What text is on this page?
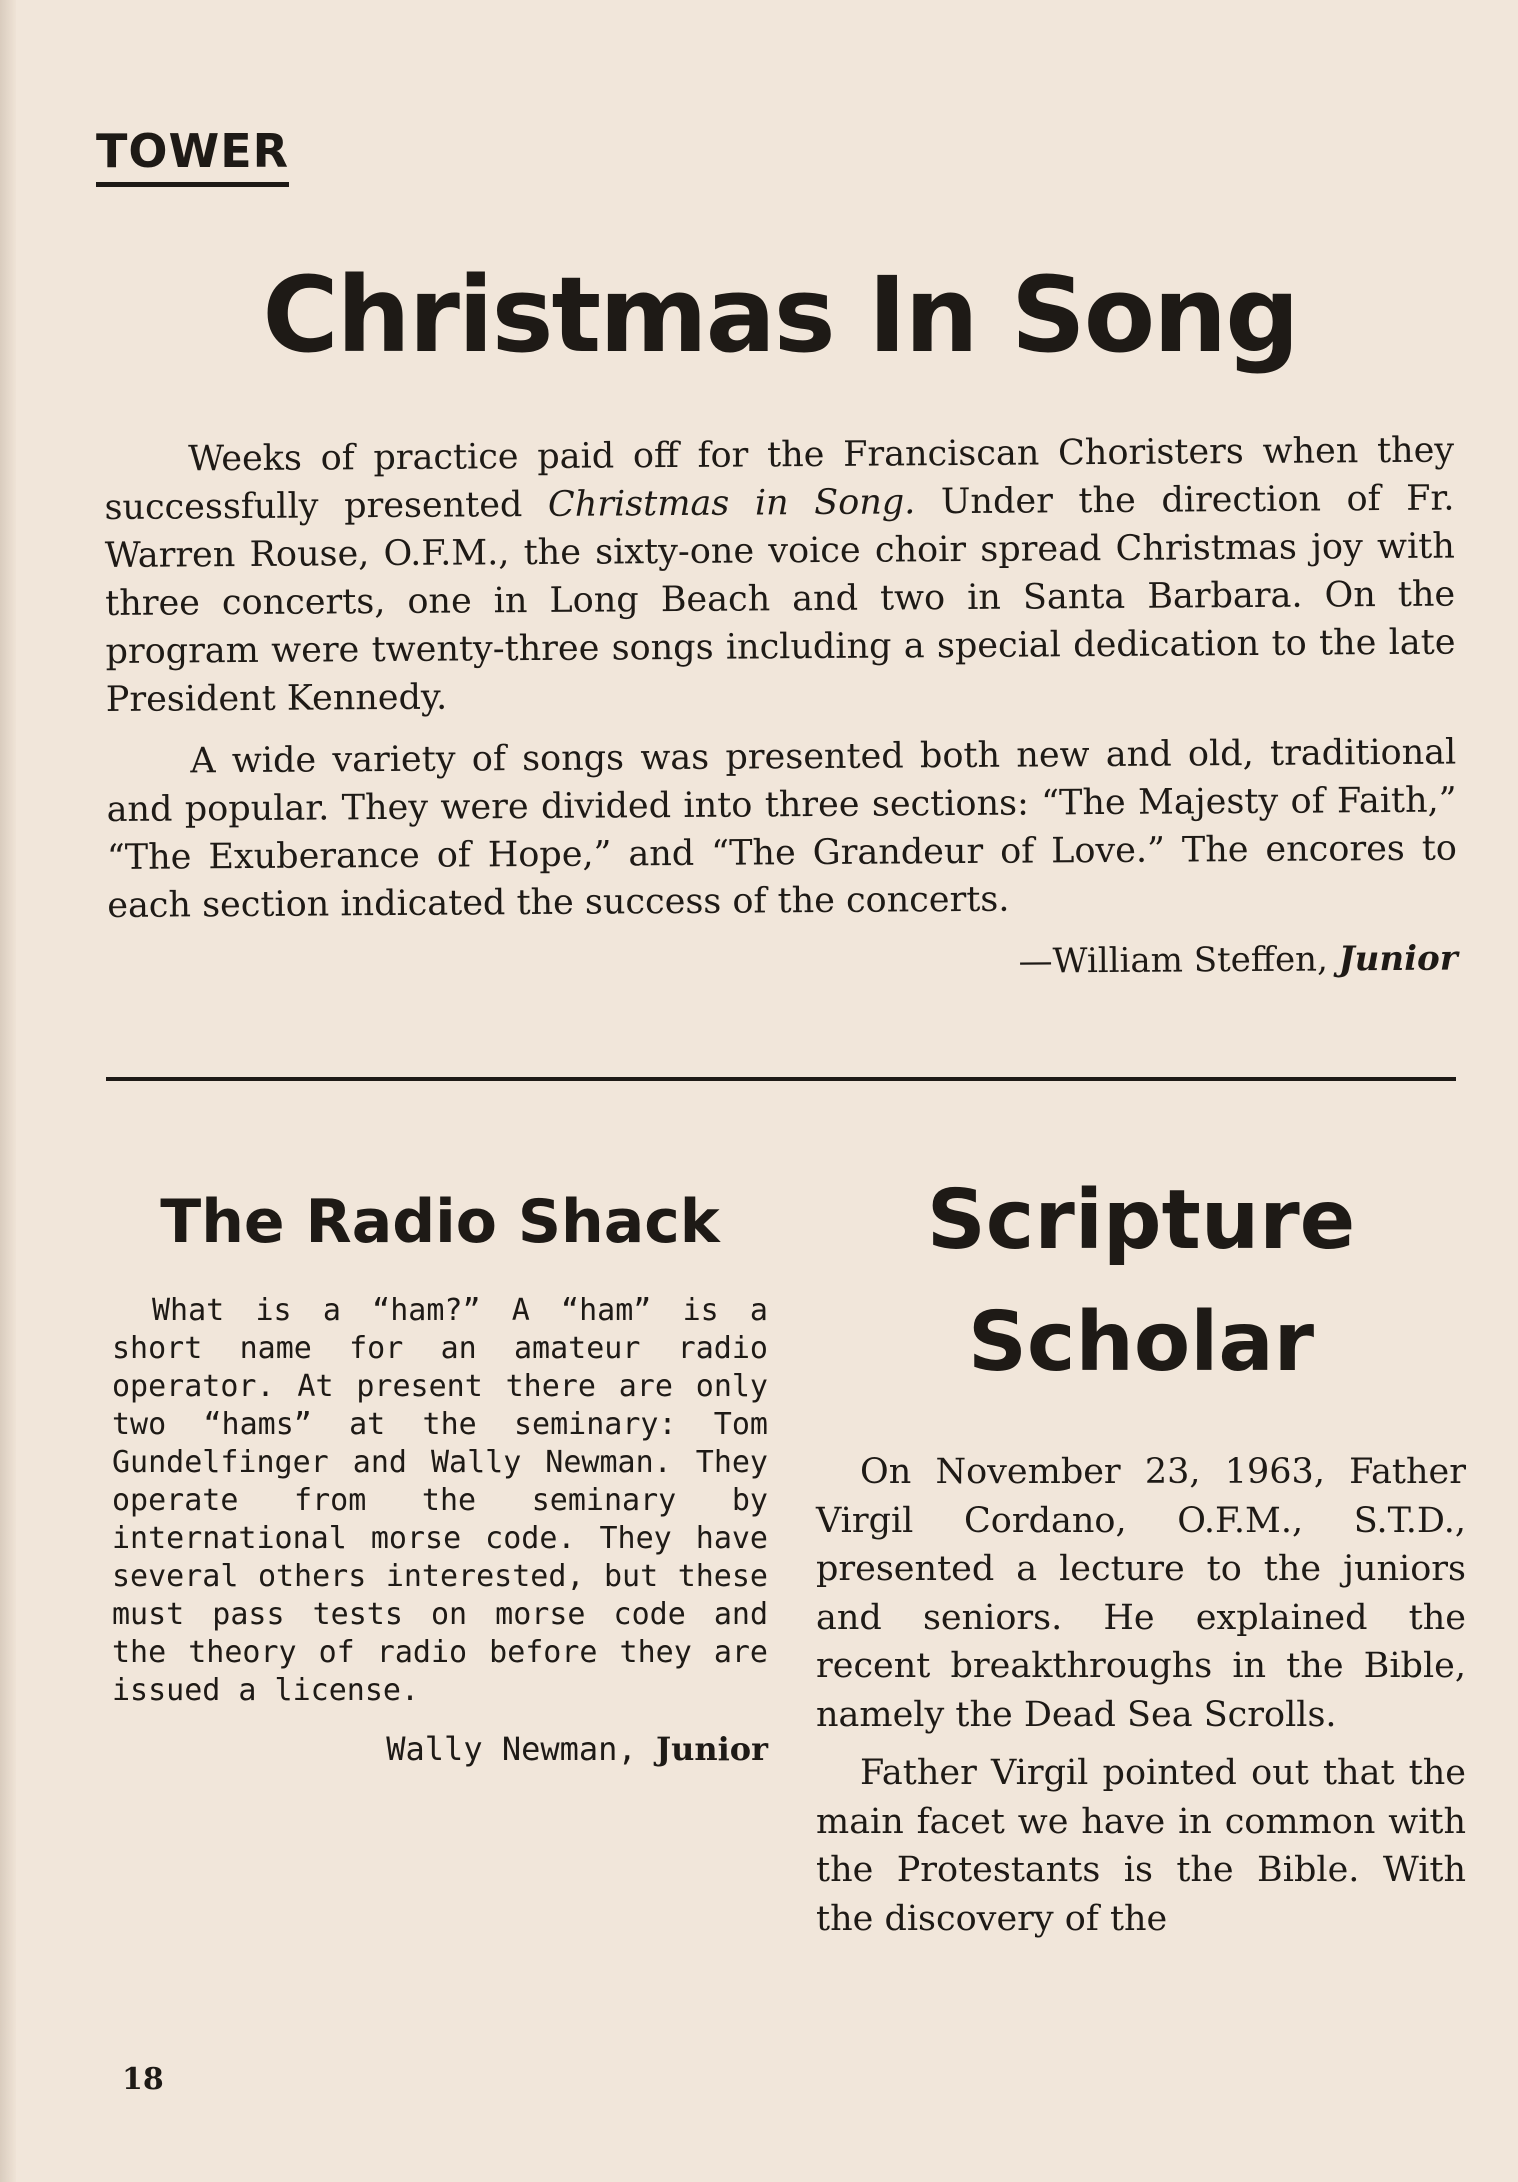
TOWER
Christmas In Song

Weeks of practice paid off for the Franciscan Choristers when they successfully presented Christmas in Song. Under the direction of Fr. Warren Rouse, O.F.M., the sixty-one voice choir spread Christmas joy with three concerts, one in Long Beach and two in Santa Barbara. On the program were twenty-three songs including a special dedication to the late President Kennedy.

A wide variety of songs was presented both new and old, traditional and popular. They were divided into three sections: “The Majesty of Faith,” “The Exuberance of Hope,” and “The Grandeur of Love.” The encores to each section indicated the success of the concerts.

—William Steffen, Junior
The Radio Shack

What is a “ham?” A “ham” is a short name for an amateur radio operator. At present there are only two “hams” at the seminary: Tom Gundelfinger and Wally Newman. They operate from the seminary by international morse code. They have several others interested, but these must pass tests on morse code and the theory of radio before they are issued a license.

Wally Newman, Junior
Scripture Scholar

On November 23, 1963, Father Virgil Cordano, O.F.M., S.T.D., presented a lecture to the juniors and seniors. He explained the recent breakthroughs in the Bible, namely the Dead Sea Scrolls.

Father Virgil pointed out that the main facet we have in common with the Protestants is the Bible. With the discovery of the

18
